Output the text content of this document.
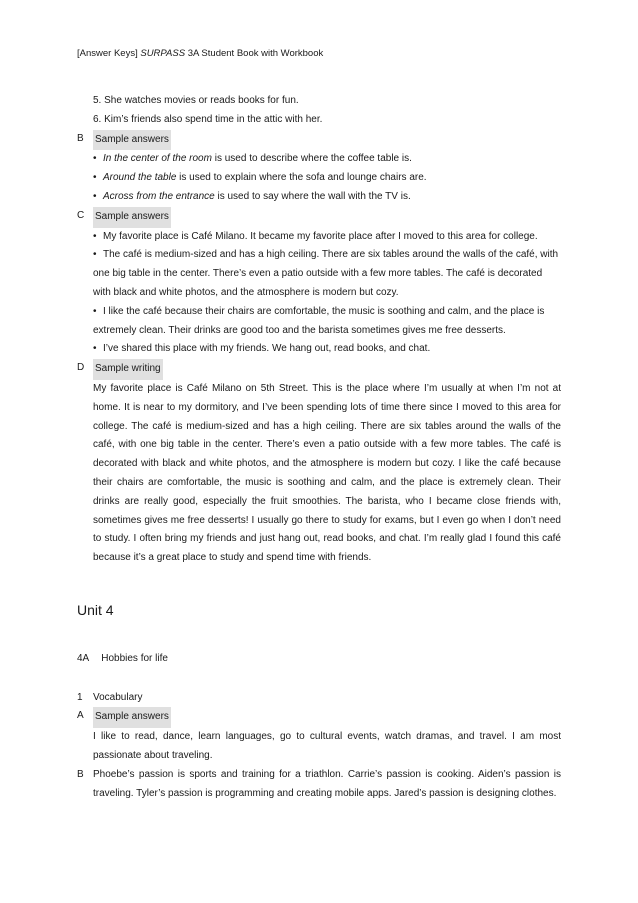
[Answer Keys] SURPASS 3A Student Book with Workbook
5. She watches movies or reads books for fun.
6. Kim’s friends also spend time in the attic with her.
B	Sample answers
• In the center of the room is used to describe where the coffee table is.
• Around the table is used to explain where the sofa and lounge chairs are.
• Across from the entrance is used to say where the wall with the TV is.
C	Sample answers
• My favorite place is Café Milano. It became my favorite place after I moved to this area for college.
• The café is medium-sized and has a high ceiling. There are six tables around the walls of the café, with one big table in the center. There’s even a patio outside with a few more tables. The café is decorated with black and white photos, and the atmosphere is modern but cozy.
• I like the café because their chairs are comfortable, the music is soothing and calm, and the place is extremely clean. Their drinks are good too and the barista sometimes gives me free desserts.
• I’ve shared this place with my friends. We hang out, read books, and chat.
D	Sample writing
My favorite place is Café Milano on 5th Street. This is the place where I’m usually at when I’m not at home. It is near to my dormitory, and I’ve been spending lots of time there since I moved to this area for college. The café is medium-sized and has a high ceiling. There are six tables around the walls of the café, with one big table in the center. There’s even a patio outside with a few more tables. The café is decorated with black and white photos, and the atmosphere is modern but cozy. I like the café because their chairs are comfortable, the music is soothing and calm, and the place is extremely clean. Their drinks are really good, especially the fruit smoothies. The barista, who I became close friends with, sometimes gives me free desserts! I usually go there to study for exams, but I even go when I don’t need to study. I often bring my friends and just hang out, read books, and chat. I’m really glad I found this café because it’s a great place to study and spend time with friends.
Unit 4
4A Hobbies for life
1	Vocabulary
A	Sample answers
I like to read, dance, learn languages, go to cultural events, watch dramas, and travel. I am most passionate about traveling.
B Phoebe’s passion is sports and training for a triathlon. Carrie’s passion is cooking. Aiden’s passion is traveling. Tyler’s passion is programming and creating mobile apps. Jared’s passion is designing clothes.
